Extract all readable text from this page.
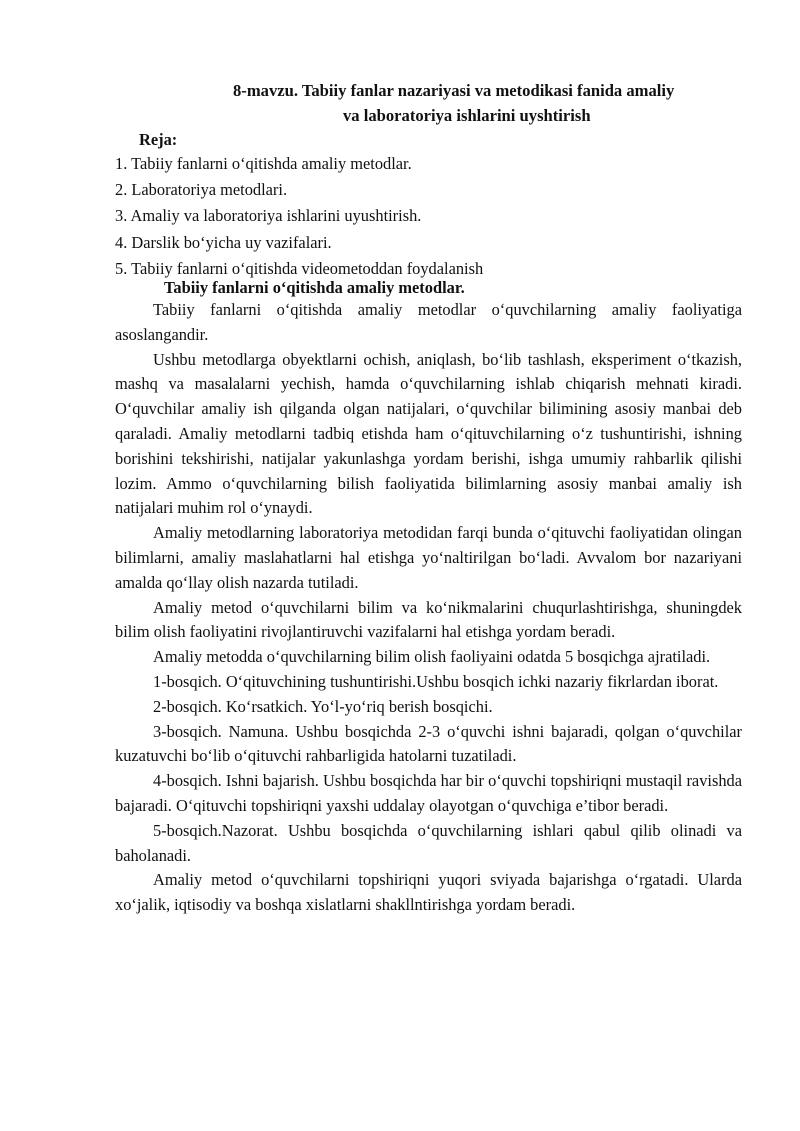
8-mavzu. Tabiiy fanlar nazariyasi va metodikasi fanida amaliy
va laboratoriya ishlarini uyshtirish
Reja:
1. Tabiiy fanlarni o‘qitishda amaliy metodlar.
2. Laboratoriya metodlari.
3. Amaliy va laboratoriya ishlarini uyushtirish.
4. Darslik bo‘yicha uy vazifalari.
5. Tabiiy fanlarni o‘qitishda videometoddan foydalanish
Tabiiy fanlarni o‘qitishda amaliy metodlar.

Tabiiy fanlarni o‘qitishda amaliy metodlar o‘quvchilarning amaliy faoliyatiga asoslangandir.

Ushbu metodlarga obyektlarni ochish, aniqlash, bo‘lib tashlash, eksperiment o‘tkazish, mashq va masalalarni yechish, hamda o‘quvchilarning ishlab chiqarish mehnati kiradi. O‘quvchilar amaliy ish qilganda olgan natijalari, o‘quvchilar bilimining asosiy manbai deb qaraladi. Amaliy metodlarni tadbiq etishda ham o‘qituvchilarning o‘z tushuntirishi, ishning borishini tekshirishi, natijalar yakunlashga yordam berishi, ishga umumiy rahbarlik qilishi lozim. Ammo o‘quvchilarning bilish faoliyatida bilimlarning asosiy manbai amaliy ish natijalari muhim rol o‘ynaydi.

Amaliy metodlarning laboratoriya metodidan farqi bunda o‘qituvchi faoliyatidan olingan bilimlarni, amaliy maslahatlarni hal etishga yo‘naltirilgan bo‘ladi. Avvalom bor nazariyani amalda qo‘llay olish nazarda tutiladi.

Amaliy metod o‘quvchilarni bilim va ko‘nikmalarini chuqurlashtirishga, shuningdek bilim olish faoliyatini rivojlantiruvchi vazifalarni hal etishga yordam beradi.

Amaliy metodda o‘quvchilarning bilim olish faoliyaini odatda 5 bosqichga ajratiladi.

1-bosqich. O‘qituvchining tushuntirishi.Ushbu bosqich ichki nazariy fikrlardan iborat.

2-bosqich. Ko‘rsatkich. Yo‘l-yo‘riq berish bosqichi.

3-bosqich. Namuna. Ushbu bosqichda 2-3 o‘quvchi ishni bajaradi, qolgan o‘quvchilar kuzatuvchi bo‘lib o‘qituvchi rahbarligida hatolarni tuzatiladi.

4-bosqich. Ishni bajarish. Ushbu bosqichda har bir o‘quvchi topshiriqni mustaqil ravishda bajaradi. O‘qituvchi topshiriqni yaxshi uddalay olayotgan o‘quvchiga e’tibor beradi.

5-bosqich.Nazorat. Ushbu bosqichda o‘quvchilarning ishlari qabul qilib olinadi va baholanadi.

Amaliy metod o‘quvchilarni topshiriqni yuqori sviyada bajarishga o‘rgatadi. Ularda xo‘jalik, iqtisodiy va boshqa xislatlarni shakllntirishga yordam beradi.
